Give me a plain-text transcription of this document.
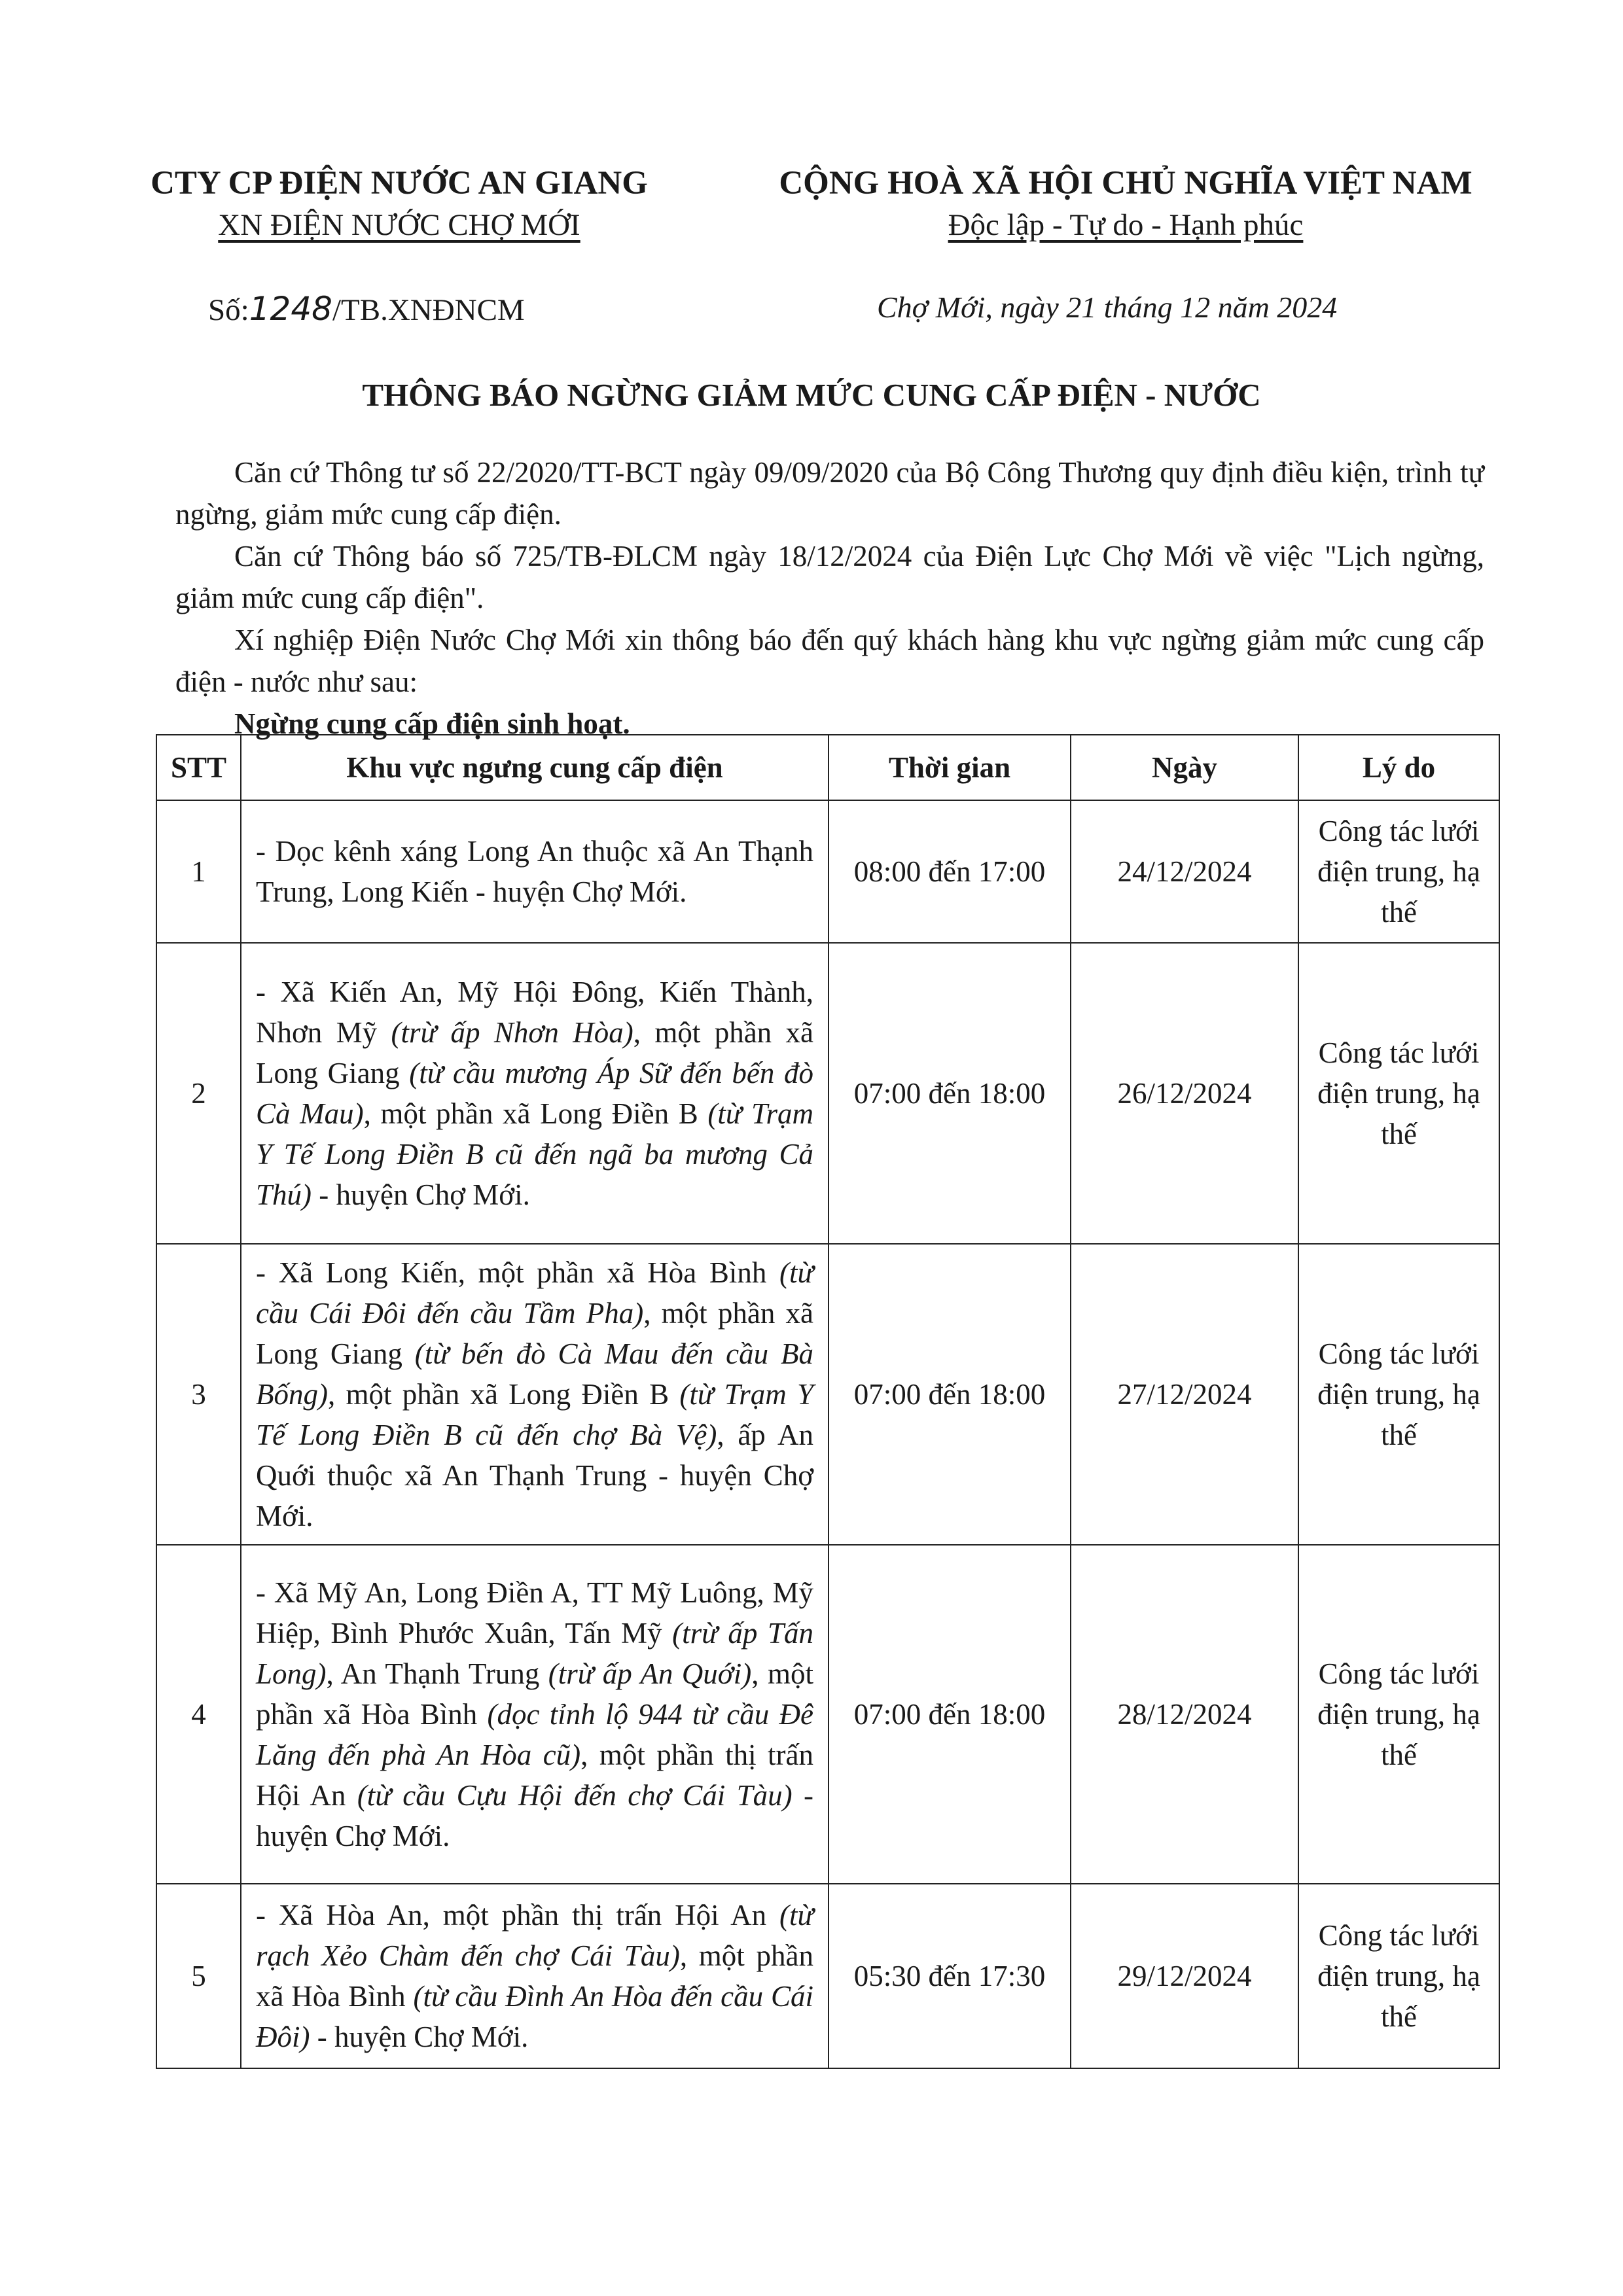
CTY CP ĐIỆN NƯỚC AN GIANG
XN ĐIỆN NƯỚC CHỢ MỚI
CỘNG HOÀ XÃ HỘI CHỦ NGHĨA VIỆT NAM
Độc lập - Tự do - Hạnh phúc
Số:1248/TB.XNĐNCM	Chợ Mới, ngày 21 tháng 12 năm 2024
THÔNG BÁO NGỪNG GIẢM MỨC CUNG CẤP ĐIỆN - NƯỚC

Căn cứ Thông tư số 22/2020/TT-BCT ngày 09/09/2020 của Bộ Công Thương quy định điều kiện, trình tự ngừng, giảm mức cung cấp điện.

Căn cứ Thông báo số 725/TB-ĐLCM ngày 18/12/2024 của Điện Lực Chợ Mới về việc "Lịch ngừng, giảm mức cung cấp điện".

Xí nghiệp Điện Nước Chợ Mới xin thông báo đến quý khách hàng khu vực ngừng giảm mức cung cấp điện - nước như sau:

Ngừng cung cấp điện sinh hoạt.

STT	Khu vực ngưng cung cấp điện	Thời gian	Ngày	Lý do
1	- Dọc kênh xáng Long An thuộc xã An Thạnh Trung, Long Kiến - huyện Chợ Mới.	08:00 đến 17:00	24/12/2024	Công tác lưới điện trung, hạ thế
2	- Xã Kiến An, Mỹ Hội Đông, Kiến Thành, Nhơn Mỹ (trừ ấp Nhơn Hòa), một phần xã Long Giang (từ cầu mương Áp Sữ đến bến đò Cà Mau), một phần xã Long Điền B (từ Trạm Y Tế Long Điền B cũ đến ngã ba mương Cả Thú) - huyện Chợ Mới.	07:00 đến 18:00	26/12/2024	Công tác lưới điện trung, hạ thế
3	- Xã Long Kiến, một phần xã Hòa Bình (từ cầu Cái Đôi đến cầu Tầm Pha), một phần xã Long Giang (từ bến đò Cà Mau đến cầu Bà Bống), một phần xã Long Điền B (từ Trạm Y Tế Long Điền B cũ đến chợ Bà Vệ), ấp An Quới thuộc xã An Thạnh Trung - huyện Chợ Mới.	07:00 đến 18:00	27/12/2024	Công tác lưới điện trung, hạ thế
4	- Xã Mỹ An, Long Điền A, TT Mỹ Luông, Mỹ Hiệp, Bình Phước Xuân, Tấn Mỹ (trừ ấp Tấn Long), An Thạnh Trung (trừ ấp An Quới), một phần xã Hòa Bình (dọc tỉnh lộ 944 từ cầu Đê Lăng đến phà An Hòa cũ), một phần thị trấn Hội An (từ cầu Cựu Hội đến chợ Cái Tàu) - huyện Chợ Mới.	07:00 đến 18:00	28/12/2024	Công tác lưới điện trung, hạ thế
5	- Xã Hòa An, một phần thị trấn Hội An (từ rạch Xẻo Chàm đến chợ Cái Tàu), một phần xã Hòa Bình (từ cầu Đình An Hòa đến cầu Cái Đôi) - huyện Chợ Mới.	05:30 đến 17:30	29/12/2024	Công tác lưới điện trung, hạ thế
